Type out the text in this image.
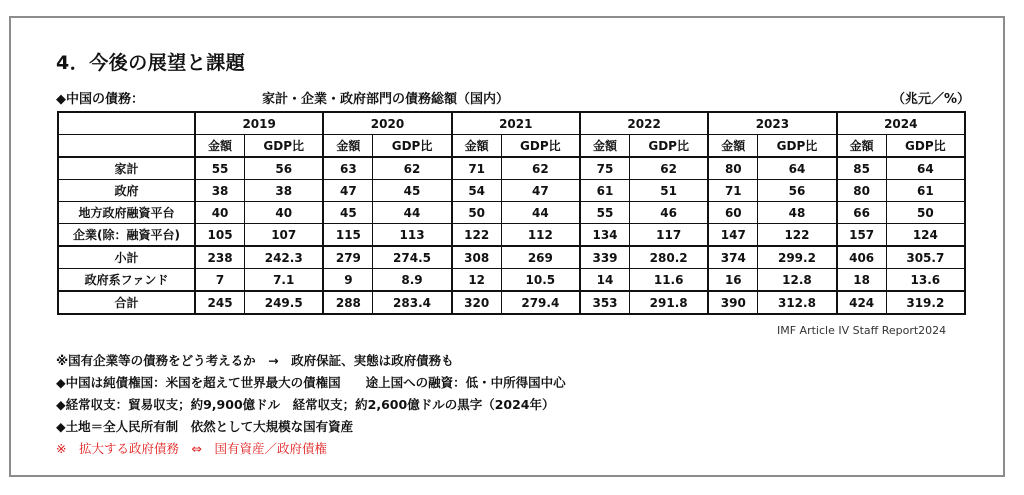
4．今後の展望と課題
◆中国の債務：	家計・企業・政府部門の債務総額（国内）	（兆元／%）
	2019		2020		2021		2022		2023		2024	
	金額	GDP比	金額	GDP比	金額	GDP比	金額	GDP比	金額	GDP比	金額	GDP比
家計	55	56	63	62	71	62	75	62	80	64	85	64
政府	38	38	47	45	54	47	61	51	71	56	80	61
地方政府融資平台	40	40	45	44	50	44	55	46	60	48	66	50
企業(除：融資平台)	105	107	115	113	122	112	134	117	147	122	157	124
小計	238	242.3	279	274.5	308	269	339	280.2	374	299.2	406	305.7
政府系ファンド	7	7.1	9	8.9	12	10.5	14	11.6	16	12.8	18	13.6
合計	245	249.5	288	283.4	320	279.4	353	291.8	390	312.8	424	319.2
IMF Article IV Staff Report2024
※国有企業等の債務をどう考えるか　→　政府保証、実態は政府債務も
◆中国は純債権国：米国を超えて世界最大の債権国　　途上国への融資：低・中所得国中心
◆経常収支：貿易収支；約9,900億ドル　経常収支；約2,600億ドルの黒字（2024年）
◆土地＝全人民所有制　依然として大規模な国有資産
※　拡大する政府債務　⇔　国有資産／政府債権
